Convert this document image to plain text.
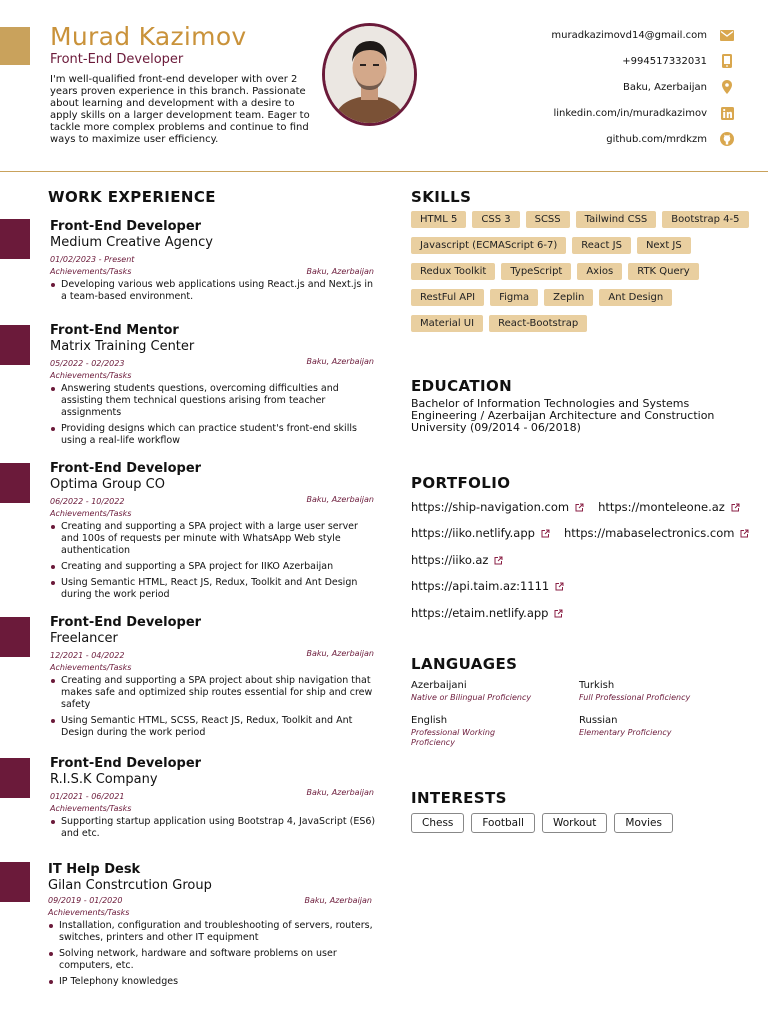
Murad Kazimov
Front-End Developer
I'm well-qualified front-end developer with over 2 years proven experience in this branch. Passionate about learning and development with a desire to apply skills on a larger development team. Eager to tackle more complex problems and continue to find ways to maximize user efficiency.
muradkazimovd14@gmail.com
+994517332031
Baku, Azerbaijan
linkedin.com/in/muradkazimov
github.com/mrdkzm
WORK EXPERIENCE
Front-End Developer
Medium Creative Agency
01/02/2023 - Present
Achievements/Tasks	Baku, Azerbaijan
Developing various web applications using React.js and Next.js in a team-based environment.
Front-End Mentor
Matrix Training Center
05/2022 - 02/2023
Achievements/Tasks
Baku, Azerbaijan
Answering students questions, overcoming difficulties and assisting them technical questions arising from teacher assignments
Providing designs which can practice student's front-end skills using a real-life workflow
Front-End Developer
Optima Group CO
06/2022 - 10/2022
Achievements/Tasks
Baku, Azerbaijan
Creating and supporting a SPA project with a large user server and 100s of requests per minute with WhatsApp Web style authentication
Creating and supporting a SPA project for IIKO Azerbaijan
Using Semantic HTML, React JS, Redux, Toolkit and Ant Design during the work period
Front-End Developer
Freelancer
12/2021 - 04/2022
Achievements/Tasks
Baku, Azerbaijan
Creating and supporting a SPA project about ship navigation that makes safe and optimized ship routes essential for ship and crew safety
Using Semantic HTML, SCSS, React JS, Redux, Toolkit and Ant Design during the work period
Front-End Developer
R.I.S.K Company
01/2021 - 06/2021
Achievements/Tasks
Baku, Azerbaijan
Supporting startup application using Bootstrap 4, JavaScript (ES6) and etc.
IT Help Desk
Gilan Constrcution Group
09/2019 - 01/2020
Achievements/Tasks
Baku, Azerbaijan
Installation, configuration and troubleshooting of servers, routers, switches, printers and other IT equipment
Solving network, hardware and software problems on user computers, etc.
IP Telephony knowledges
SKILLS
HTML 5	CSS 3	SCSS	Tailwind CSS	Bootstrap 4-5
Javascript (ECMAScript 6-7)	React JS	Next JS
Redux Toolkit	TypeScript	Axios	RTK Query
RestFul API	Figma	Zeplin	Ant Design
Material UI	React-Bootstrap
EDUCATION
Bachelor of Information Technologies and Systems Engineering / Azerbaijan Architecture and Construction University (09/2014 - 06/2018)
PORTFOLIO
https://ship-navigation.com	https://monteleone.az
https://iiko.netlify.app	https://mabaselectronics.com
https://iiko.az
https://api.taim.az:1111
https://etaim.netlify.app
LANGUAGES
Azerbaijani
Native or Bilingual Proficiency
Turkish
Full Professional Proficiency
English
Professional Working Proficiency
Russian
Elementary Proficiency
INTERESTS
Chess	Football	Workout	Movies
